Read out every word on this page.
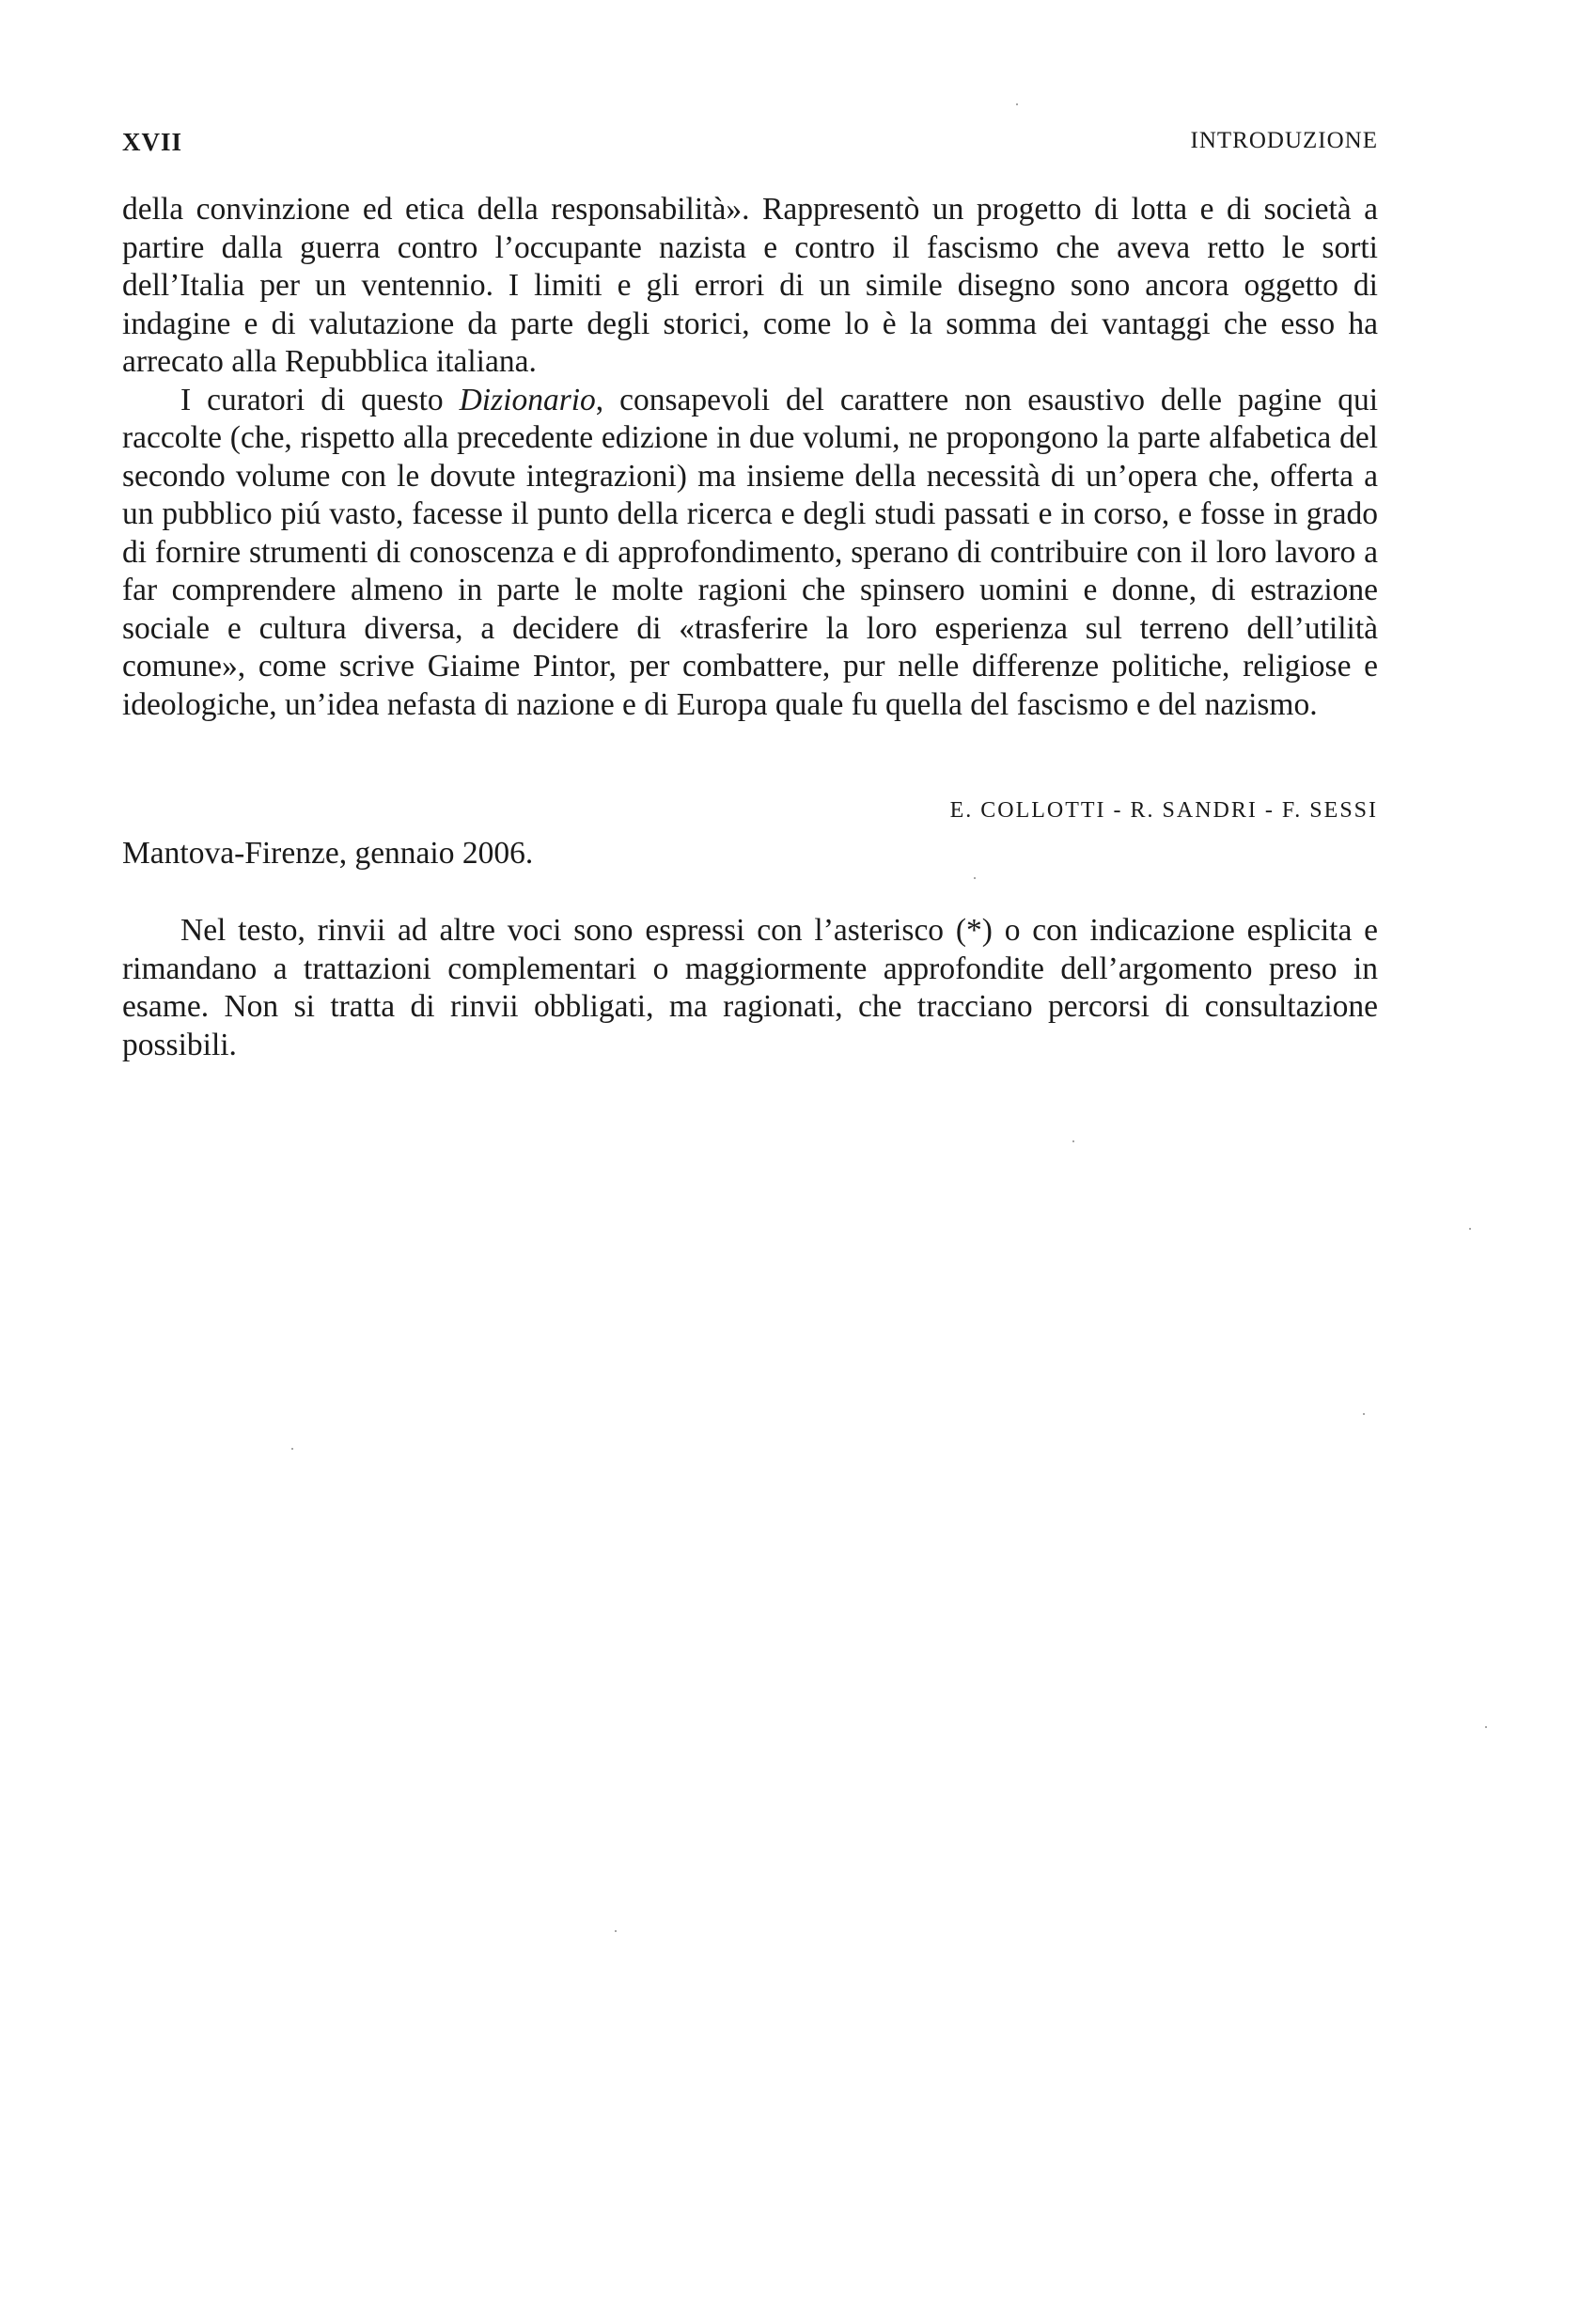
XVII	INTRODUZIONE

della convinzione ed etica della responsabilità». Rappresentò un progetto di lotta e di società a partire dalla guerra contro l’occupante nazista e contro il fascismo che aveva retto le sorti dell’Italia per un ventennio. I limiti e gli errori di un simile disegno sono ancora oggetto di indagine e di valutazione da parte degli storici, come lo è la somma dei vantaggi che esso ha arrecato alla Repubblica italiana.

I curatori di questo Dizionario, consapevoli del carattere non esaustivo delle pagine qui raccolte (che, rispetto alla precedente edizione in due volumi, ne propongono la parte alfabetica del secondo volume con le dovute integrazioni) ma insieme della necessità di un’opera che, offerta a un pubblico piú vasto, facesse il punto della ricerca e degli studi passati e in corso, e fosse in grado di fornire strumenti di conoscenza e di approfondimento, sperano di contribuire con il loro lavoro a far comprendere almeno in parte le molte ragioni che spinsero uomini e donne, di estrazione sociale e cultura diversa, a decidere di «trasferire la loro esperienza sul terreno dell’utilità comune», come scrive Giaime Pintor, per combattere, pur nelle differenze politiche, religiose e ideologiche, un’idea nefasta di nazione e di Europa quale fu quella del fascismo e del nazismo.

E. COLLOTTI - R. SANDRI - F. SESSI
Mantova-Firenze, gennaio 2006.

Nel testo, rinvii ad altre voci sono espressi con l’asterisco (*) o con indicazione esplicita e rimandano a trattazioni complementari o maggiormente approfondite dell’argomento preso in esame. Non si tratta di rinvii obbligati, ma ragionati, che tracciano percorsi di consultazione possibili.
